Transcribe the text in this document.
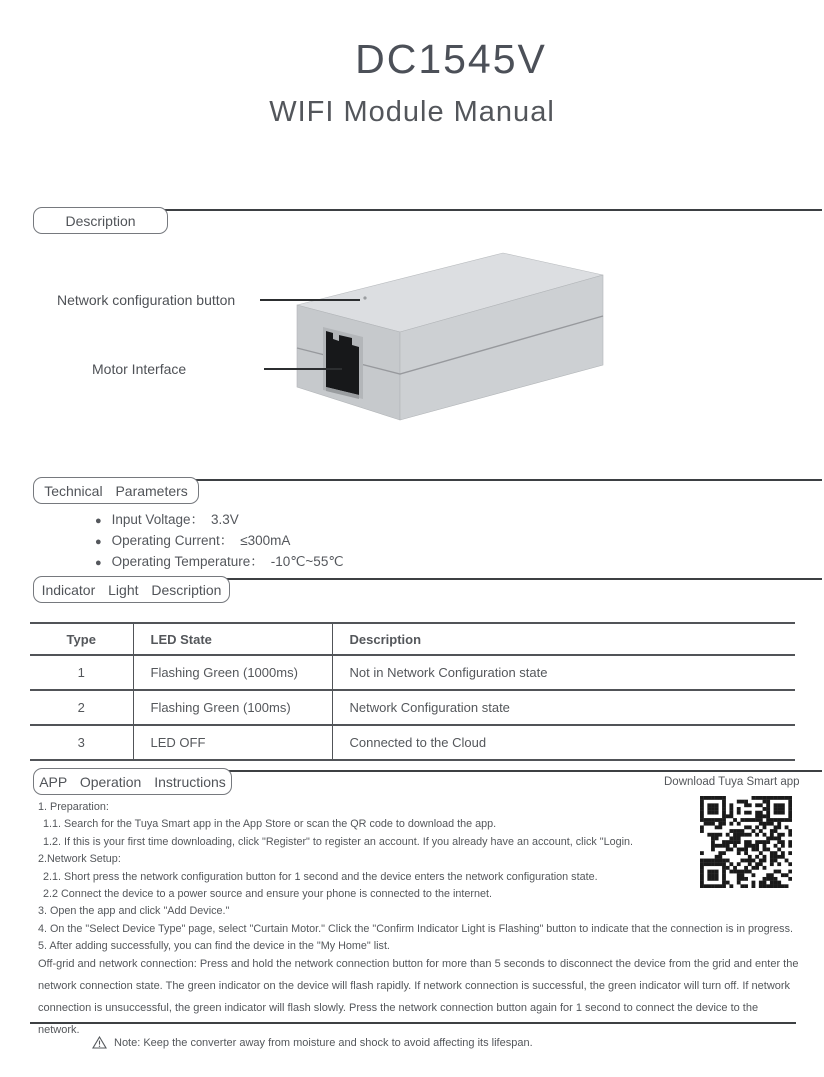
DC1545V
WIFI Module Manual
Description
Network configuration button
Motor Interface
Technical Parameters
● Input Voltage： 3.3V
● Operating Current： ≤300mA
● Operating Temperature： -10℃~55℃
Indicator Light Description
Type	LED State	Description
1	Flashing Green (1000ms)	Not in Network Configuration state
2	Flashing Green (100ms)	Network Configuration state
3	LED OFF	Connected to the Cloud
APP Operation Instructions	Download Tuya Smart app
1. Preparation:
1.1. Search for the Tuya Smart app in the App Store or scan the QR code to download the app.
1.2. If this is your first time downloading, click "Register" to register an account. If you already have an account, click "Login.
2.Network Setup:
2.1. Short press the network configuration button for 1 second and the device enters the network configuration state.
2.2 Connect the device to a power source and ensure your phone is connected to the internet.
3. Open the app and click "Add Device."
4. On the "Select Device Type" page, select "Curtain Motor." Click the "Confirm Indicator Light is Flashing" button to indicate that the connection is in progress.
5. After adding successfully, you can find the device in the "My Home" list.
Off-grid and network connection: Press and hold the network connection button for more than 5 seconds to disconnect the device from the grid and enter the network connection state. The green indicator on the device will flash rapidly. If network connection is successful, the green indicator will turn off. If network connection is unsuccessful, the green indicator will flash slowly. Press the network connection button again for 1 second to connect the device to the network.
Note: Keep the converter away from moisture and shock to avoid affecting its lifespan.
